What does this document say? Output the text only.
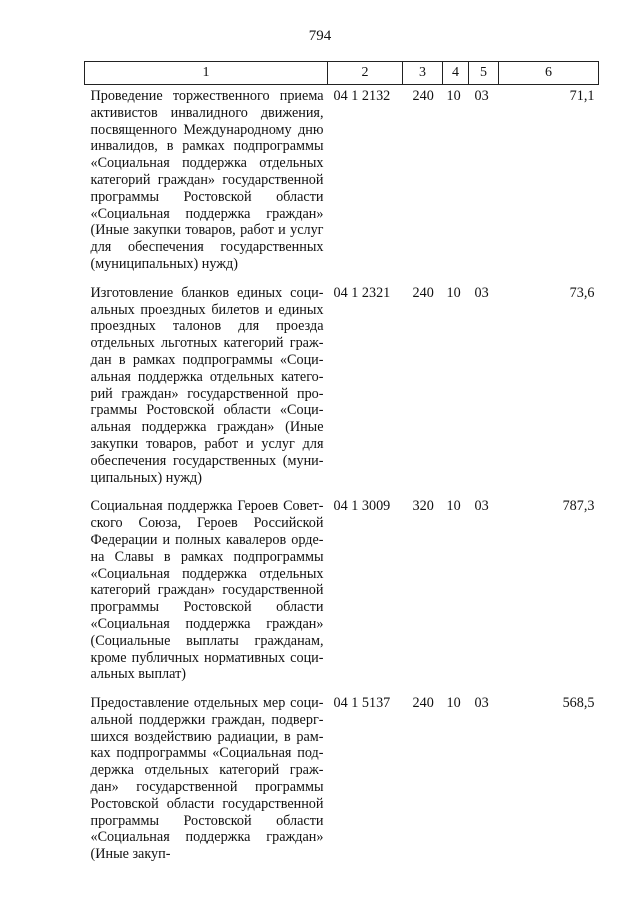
794
1	2	3	4	5	6
Проведение торжественного приема активистов инвалидного движения, посвященного Международному дню инвалидов, в рамках подпрограммы «Социальная поддержка отдельных категорий граждан» государственной программы Ростовской области «Социальная поддержка граждан» (Иные закупки товаров, работ и услуг для обеспечения государственных (муниципальных) нужд)	04 1 2132	240	10	03	71,1
Изготовление бланков единых социальных проездных билетов и единых проездных талонов для проезда отдельных льготных категорий граждан в рамках подпрограммы «Социальная поддержка отдельных категорий граждан» государственной программы Ростовской области «Социальная поддержка граждан» (Иные закупки товаров, работ и услуг для обеспечения государственных (муниципальных) нужд)	04 1 2321	240	10	03	73,6
Социальная поддержка Героев Советского Союза, Героев Российской Федерации и полных кавалеров ордена Славы в рамках подпрограммы «Социальная поддержка отдельных категорий граждан» государственной программы Ростовской области «Социальная поддержка граждан» (Социальные выплаты гражданам, кроме публичных нормативных социальных выплат)	04 1 3009	320	10	03	787,3
Предоставление отдельных мер социальной поддержки граждан, подвергшихся воздействию радиации, в рамках подпрограммы «Социальная поддержка отдельных категорий граждан» государственной программы Ростовской области государственной программы Ростовской области «Социальная поддержка граждан» (Иные закуп-	04 1 5137	240	10	03	568,5
